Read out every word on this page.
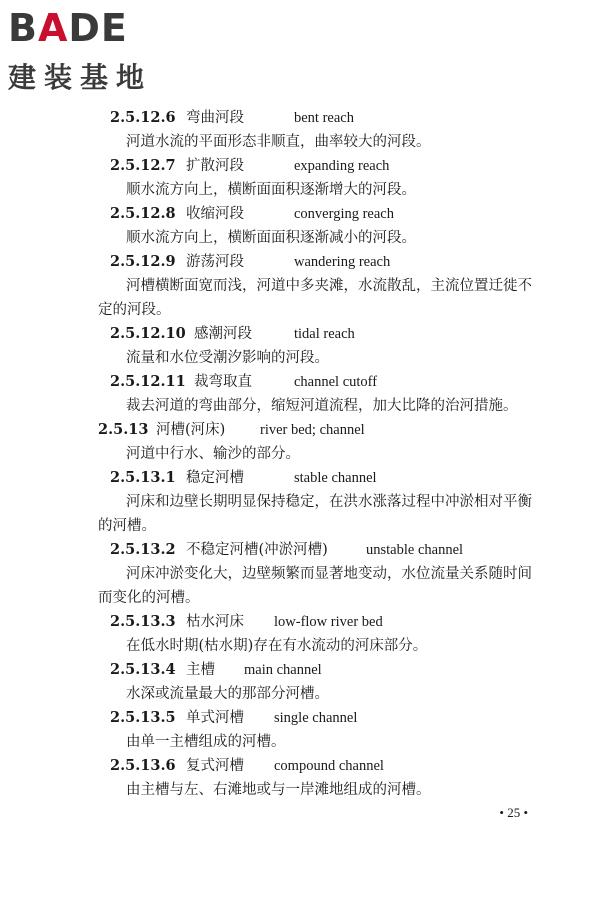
BADE
建装基地
2.5.12.6 弯曲河段	bent reach

河道水流的平面形态非顺直，曲率较大的河段。

2.5.12.7 扩散河段	expanding reach

顺水流方向上，横断面面积逐渐增大的河段。

2.5.12.8 收缩河段	converging reach

顺水流方向上，横断面面积逐渐减小的河段。

2.5.12.9 游荡河段	wandering reach

河槽横断面宽而浅，河道中多夹滩，水流散乱，主流位置迁徙不定的河段。

2.5.12.10 感潮河段	tidal reach

流量和水位受潮汐影响的河段。

2.5.12.11 裁弯取直	channel cutoff

裁去河道的弯曲部分，缩短河道流程，加大比降的治河措施。

2.5.13 河槽(河床) river bed; channel

河道中行水、输沙的部分。

2.5.13.1 稳定河槽	stable channel

河床和边壁长期明显保持稳定，在洪水涨落过程中冲淤相对平衡的河槽。

2.5.13.2 不稳定河槽(冲淤河槽)	unstable channel

河床冲淤变化大，边壁频繁而显著地变动，水位流量关系随时间而变化的河槽。

2.5.13.3 枯水河床 low-flow river bed

在低水时期(枯水期)存在有水流动的河床部分。

2.5.13.4 主槽 main channel

水深或流量最大的那部分河槽。

2.5.13.5 单式河槽 single channel

由单一主槽组成的河槽。

2.5.13.6 复式河槽 compound channel

由主槽与左、右滩地或与一岸滩地组成的河槽。

• 25 •
